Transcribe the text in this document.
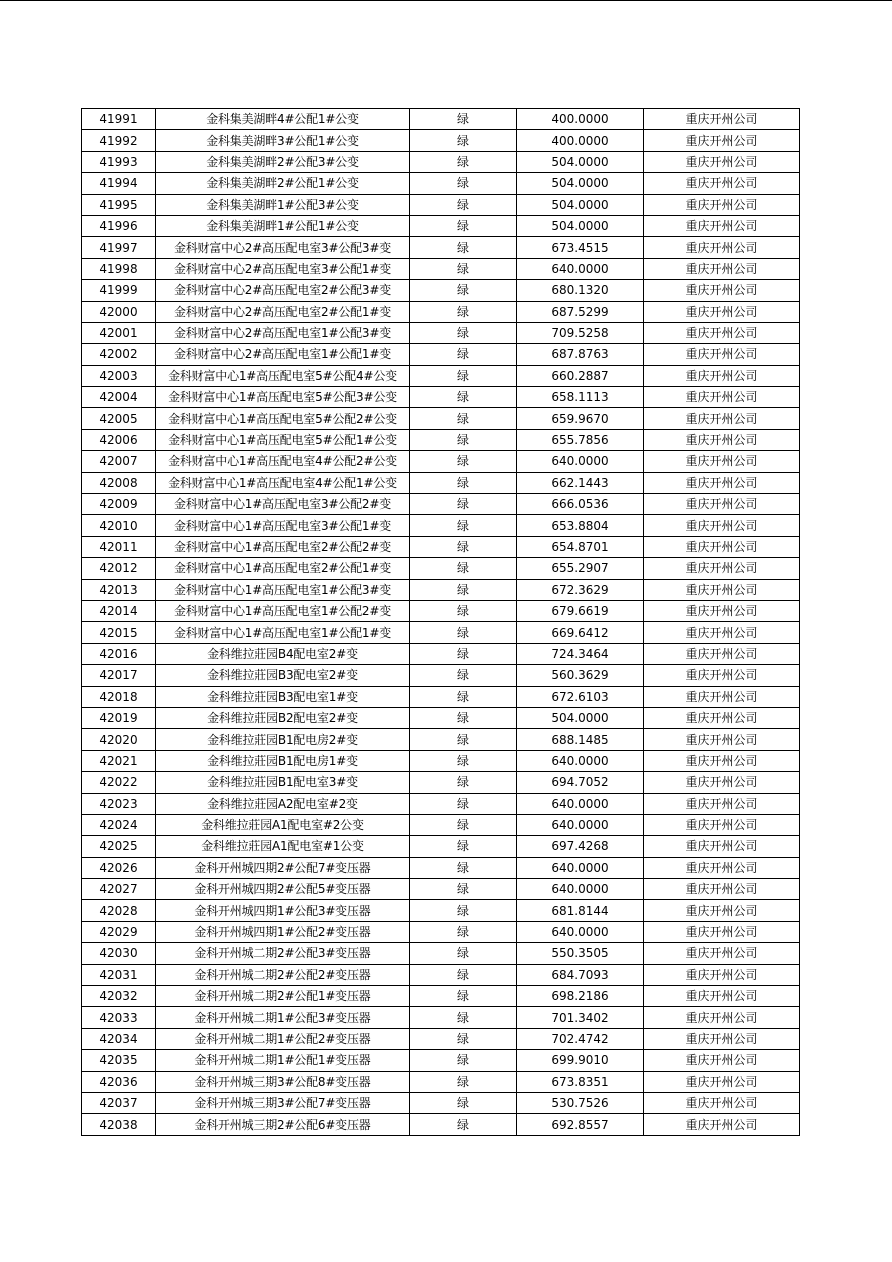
41991	金科集美湖畔4#公配1#公变	绿	400.0000	重庆开州公司
41992	金科集美湖畔3#公配1#公变	绿	400.0000	重庆开州公司
41993	金科集美湖畔2#公配3#公变	绿	504.0000	重庆开州公司
41994	金科集美湖畔2#公配1#公变	绿	504.0000	重庆开州公司
41995	金科集美湖畔1#公配3#公变	绿	504.0000	重庆开州公司
41996	金科集美湖畔1#公配1#公变	绿	504.0000	重庆开州公司
41997	金科财富中心2#高压配电室3#公配3#变	绿	673.4515	重庆开州公司
41998	金科财富中心2#高压配电室3#公配1#变	绿	640.0000	重庆开州公司
41999	金科财富中心2#高压配电室2#公配3#变	绿	680.1320	重庆开州公司
42000	金科财富中心2#高压配电室2#公配1#变	绿	687.5299	重庆开州公司
42001	金科财富中心2#高压配电室1#公配3#变	绿	709.5258	重庆开州公司
42002	金科财富中心2#高压配电室1#公配1#变	绿	687.8763	重庆开州公司
42003	金科财富中心1#高压配电室5#公配4#公变	绿	660.2887	重庆开州公司
42004	金科财富中心1#高压配电室5#公配3#公变	绿	658.1113	重庆开州公司
42005	金科财富中心1#高压配电室5#公配2#公变	绿	659.9670	重庆开州公司
42006	金科财富中心1#高压配电室5#公配1#公变	绿	655.7856	重庆开州公司
42007	金科财富中心1#高压配电室4#公配2#公变	绿	640.0000	重庆开州公司
42008	金科财富中心1#高压配电室4#公配1#公变	绿	662.1443	重庆开州公司
42009	金科财富中心1#高压配电室3#公配2#变	绿	666.0536	重庆开州公司
42010	金科财富中心1#高压配电室3#公配1#变	绿	653.8804	重庆开州公司
42011	金科财富中心1#高压配电室2#公配2#变	绿	654.8701	重庆开州公司
42012	金科财富中心1#高压配电室2#公配1#变	绿	655.2907	重庆开州公司
42013	金科财富中心1#高压配电室1#公配3#变	绿	672.3629	重庆开州公司
42014	金科财富中心1#高压配电室1#公配2#变	绿	679.6619	重庆开州公司
42015	金科财富中心1#高压配电室1#公配1#变	绿	669.6412	重庆开州公司
42016	金科维拉莊园B4配电室2#变	绿	724.3464	重庆开州公司
42017	金科维拉莊园B3配电室2#变	绿	560.3629	重庆开州公司
42018	金科维拉莊园B3配电室1#变	绿	672.6103	重庆开州公司
42019	金科维拉莊园B2配电室2#变	绿	504.0000	重庆开州公司
42020	金科维拉莊园B1配电房2#变	绿	688.1485	重庆开州公司
42021	金科维拉莊园B1配电房1#变	绿	640.0000	重庆开州公司
42022	金科维拉莊园B1配电室3#变	绿	694.7052	重庆开州公司
42023	金科维拉莊园A2配电室#2变	绿	640.0000	重庆开州公司
42024	金科维拉莊园A1配电室#2公变	绿	640.0000	重庆开州公司
42025	金科维拉莊园A1配电室#1公变	绿	697.4268	重庆开州公司
42026	金科开州城四期2#公配7#变压器	绿	640.0000	重庆开州公司
42027	金科开州城四期2#公配5#变压器	绿	640.0000	重庆开州公司
42028	金科开州城四期1#公配3#变压器	绿	681.8144	重庆开州公司
42029	金科开州城四期1#公配2#变压器	绿	640.0000	重庆开州公司
42030	金科开州城二期2#公配3#变压器	绿	550.3505	重庆开州公司
42031	金科开州城二期2#公配2#变压器	绿	684.7093	重庆开州公司
42032	金科开州城二期2#公配1#变压器	绿	698.2186	重庆开州公司
42033	金科开州城二期1#公配3#变压器	绿	701.3402	重庆开州公司
42034	金科开州城二期1#公配2#变压器	绿	702.4742	重庆开州公司
42035	金科开州城二期1#公配1#变压器	绿	699.9010	重庆开州公司
42036	金科开州城三期3#公配8#变压器	绿	673.8351	重庆开州公司
42037	金科开州城三期3#公配7#变压器	绿	530.7526	重庆开州公司
42038	金科开州城三期2#公配6#变压器	绿	692.8557	重庆开州公司
